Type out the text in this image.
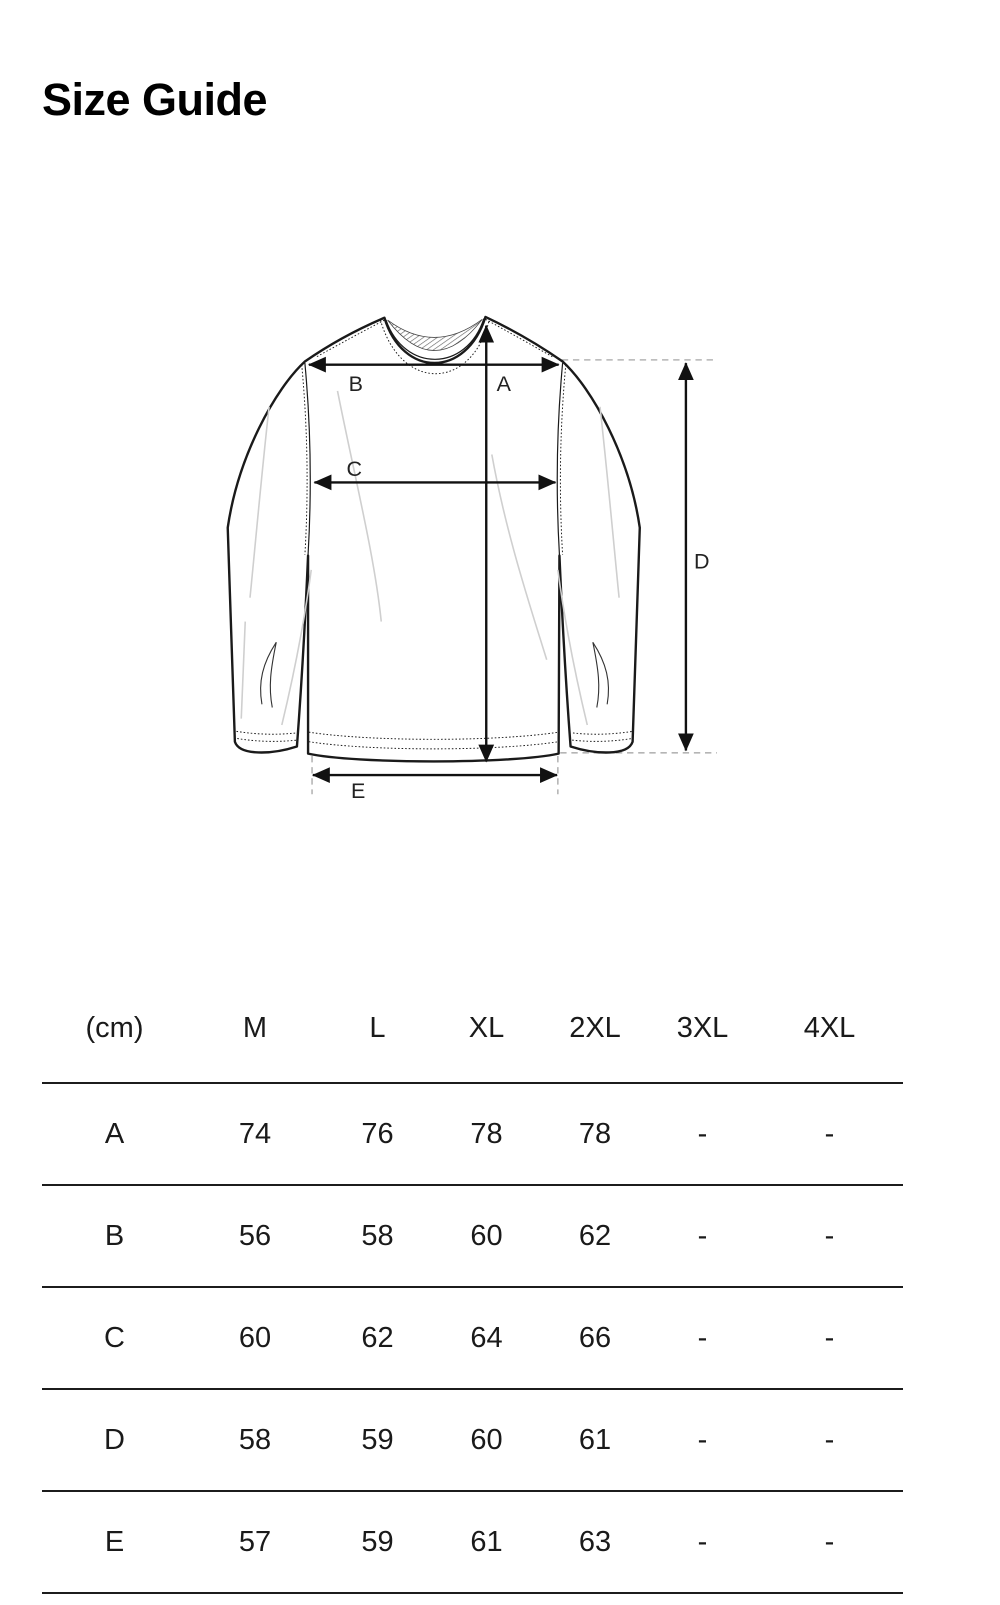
Size Guide
B	A
C
D
E
(cm)	M	L	XL	2XL	3XL	4XL
A	74	76	78	78	-	-
B	56	58	60	62	-	-
C	60	62	64	66	-	-
D	58	59	60	61	-	-
E	57	59	61	63	-	-
